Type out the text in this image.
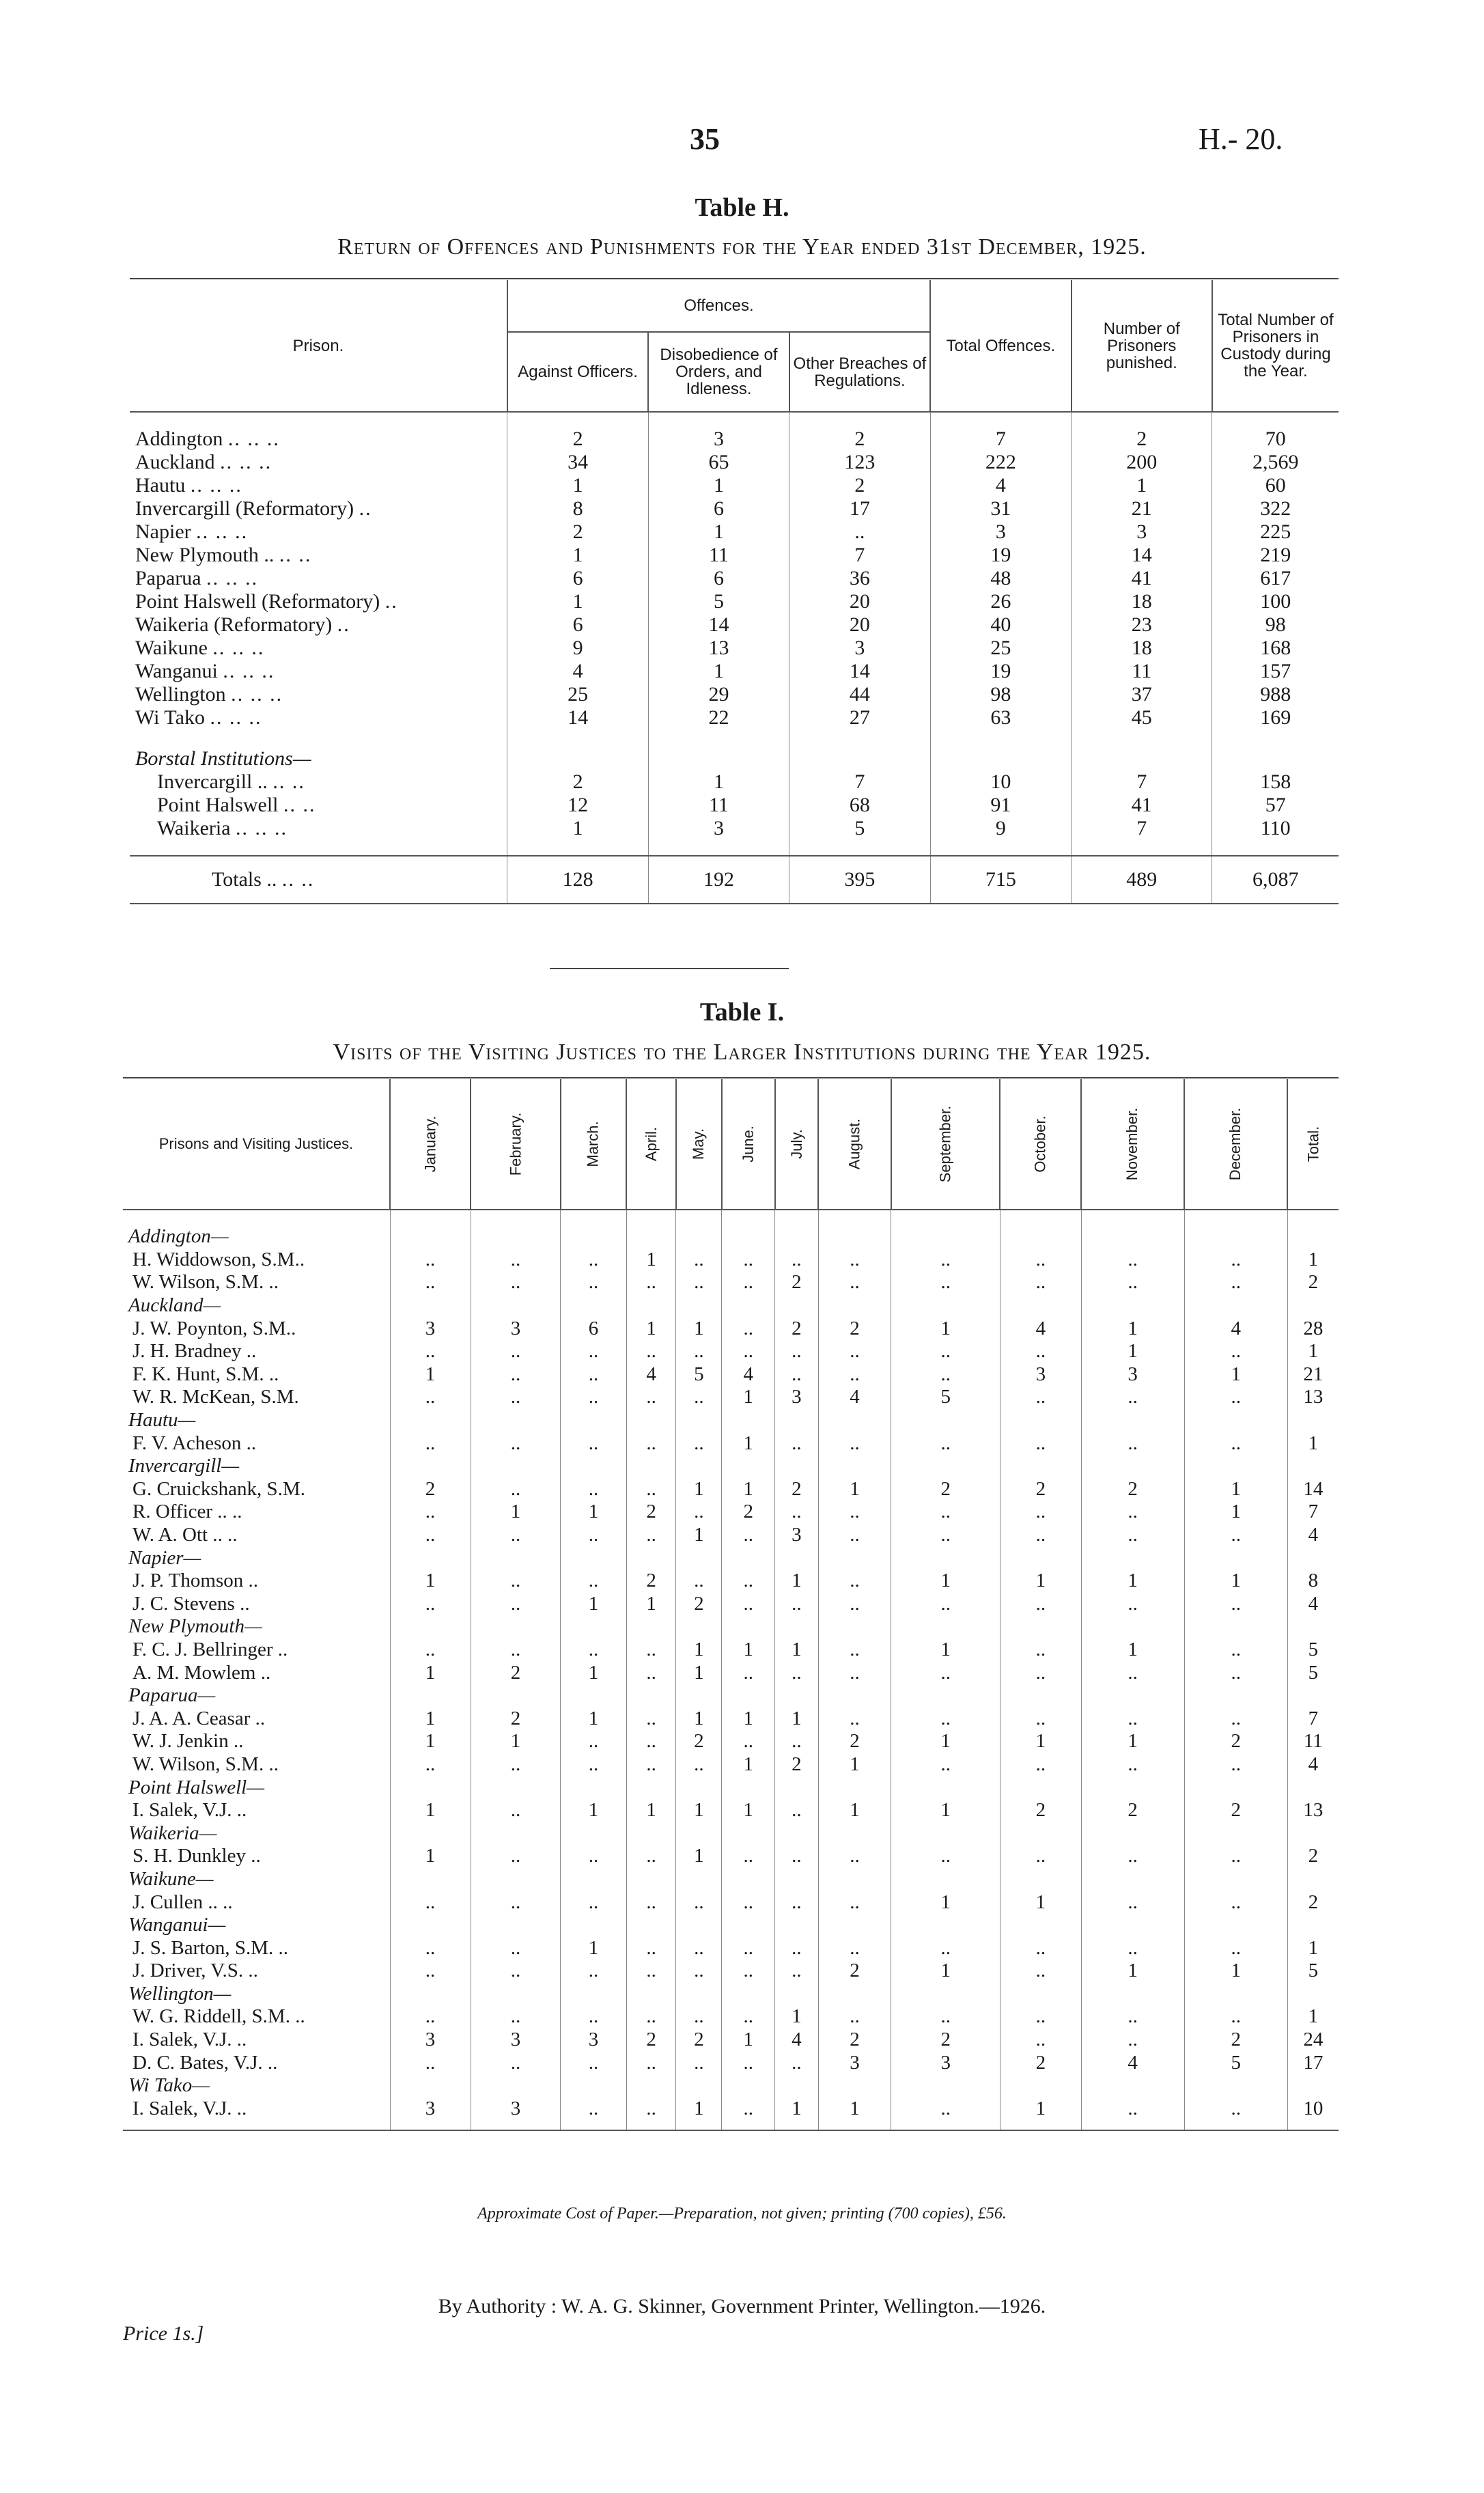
35	H.- 20.
Table H.
Return of Offences and Punishments for the Year ended 31st December, 1925.
Prison.	Offences.			Total Offences.	Number of Prisoners punished.	Total Number of Prisoners in Custody during the Year.
	Against Officers.	Disobedience of Orders, and Idleness.	Other Breaches of Regulations.			

Addington .. .. ..	2	3	2	7	2	70
Auckland .. .. ..	34	65	123	222	200	2,569
Hautu .. .. ..	1	1	2	4	1	60
Invercargill (Reformatory) ..	8	6	17	31	21	322
Napier .. .. ..	2	1	..	3	3	225
New Plymouth .. .. ..	1	11	7	19	14	219
Paparua .. .. ..	6	6	36	48	41	617
Point Halswell (Reformatory) ..	1	5	20	26	18	100
Waikeria (Reformatory) ..	6	14	20	40	23	98
Waikune .. .. ..	9	13	3	25	18	168
Wanganui .. .. ..	4	1	14	19	11	157
Wellington .. .. ..	25	29	44	98	37	988
Wi Tako .. .. ..	14	22	27	63	45	169

Borstal Institutions—						
Invercargill .. .. ..	2	1	7	10	7	158
Point Halswell .. ..	12	11	68	91	41	57
Waikeria .. .. ..	1	3	5	9	7	110

Totals .. .. ..	128	192	395	715	489	6,087
Table I.
Visits of the Visiting Justices to the Larger Institutions during the Year 1925.
Prisons and Visiting Justices.	January.	February.	March.	April.	May.	June.	July.	August.	September.	October.	November.	December.	Total.
Addington—													
H. Widdowson, S.M..	..	..	..	1	..	..	..	..	..	..	..	..	1
W. Wilson, S.M. ..	..	..	..	..	..	..	2	..	..	..	..	..	2
Auckland—													
J. W. Poynton, S.M..	3	3	6	1	1	..	2	2	1	4	1	4	28
J. H. Bradney ..	..	..	..	..	..	..	..	..	..	..	1	..	1
F. K. Hunt, S.M. ..	1	..	..	4	5	4	..	..	..	3	3	1	21
W. R. McKean, S.M.	..	..	..	..	..	1	3	4	5	..	..	..	13
Hautu—													
F. V. Acheson ..	..	..	..	..	..	1	..	..	..	..	..	..	1
Invercargill—													
G. Cruickshank, S.M.	2	..	..	..	1	1	2	1	2	2	2	1	14
R. Officer .. ..	..	1	1	2	..	2	..	..	..	..	..	1	7
W. A. Ott .. ..	..	..	..	..	1	..	3	..	..	..	..	..	4
Napier—													
J. P. Thomson ..	1	..	..	2	..	..	1	..	1	1	1	1	8
J. C. Stevens ..	..	..	1	1	2	..	..	..	..	..	..	..	4
New Plymouth—													
F. C. J. Bellringer ..	..	..	..	..	1	1	1	..	1	..	1	..	5
A. M. Mowlem ..	1	2	1	..	1	..	..	..	..	..	..	..	5
Paparua—													
J. A. A. Ceasar ..	1	2	1	..	1	1	1	..	..	..	..	..	7
W. J. Jenkin ..	1	1	..	..	2	..	..	2	1	1	1	2	11
W. Wilson, S.M. ..	..	..	..	..	..	1	2	1	..	..	..	..	4
Point Halswell—													
I. Salek, V.J. ..	1	..	1	1	1	1	..	1	1	2	2	2	13
Waikeria—													
S. H. Dunkley ..	1	..	..	..	1	..	..	..	..	..	..	..	2
Waikune—													
J. Cullen .. ..	..	..	..	..	..	..	..	..	1	1	..	..	2
Wanganui—													
J. S. Barton, S.M. ..	..	..	1	..	..	..	..	..	..	..	..	..	1
J. Driver, V.S. ..	..	..	..	..	..	..	..	2	1	..	1	1	5
Wellington—													
W. G. Riddell, S.M. ..	..	..	..	..	..	..	1	..	..	..	..	..	1
I. Salek, V.J. ..	3	3	3	2	2	1	4	2	2	..	..	2	24
D. C. Bates, V.J. ..	..	..	..	..	..	..	..	3	3	2	4	5	17
Wi Tako—													
I. Salek, V.J. ..	3	3	..	..	1	..	1	1	..	1	..	..	10
Approximate Cost of Paper.—Preparation, not given; printing (700 copies), £56.
By Authority : W. A. G. Skinner, Government Printer, Wellington.—1926.
Price 1s.]
